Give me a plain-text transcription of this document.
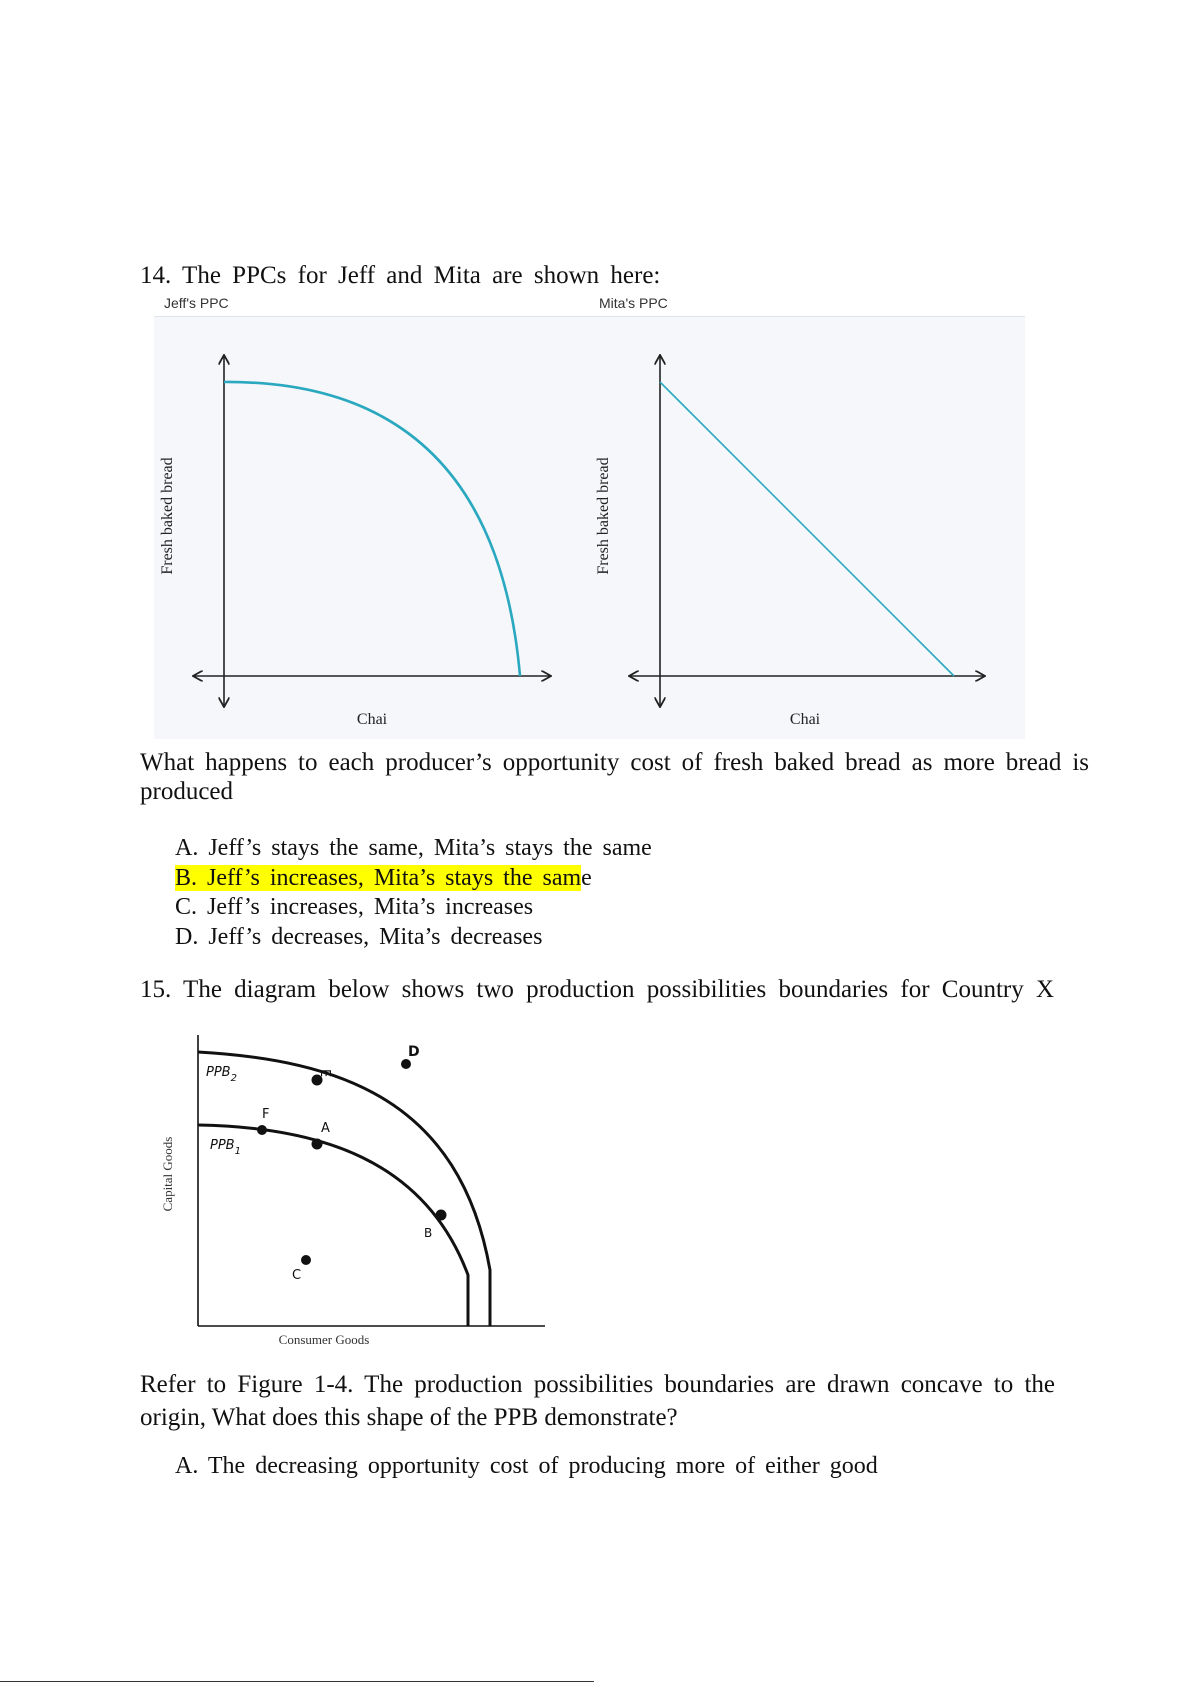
14. The PPCs for Jeff and Mita are shown here:
Jeff's PPC	Mita's PPC
Fresh baked bread
Chai
Fresh baked bread
Chai
What happens to each producer’s opportunity cost of fresh baked bread as more bread is produced
A. Jeff’s stays the same, Mita’s stays the same
B. Jeff’s increases, Mita’s stays the same
C. Jeff’s increases, Mita’s increases
D. Jeff’s decreases, Mita’s decreases
15. The diagram below shows two production possibilities boundaries for Country X
$PPB_2$
$PPB_1$
E
D
F
A
B
C
Capital Goods
Consumer Goods
Refer to Figure 1-4. The production possibilities boundaries are drawn concave to the origin, What does this shape of the PPB demonstrate?
A. The decreasing opportunity cost of producing more of either good
